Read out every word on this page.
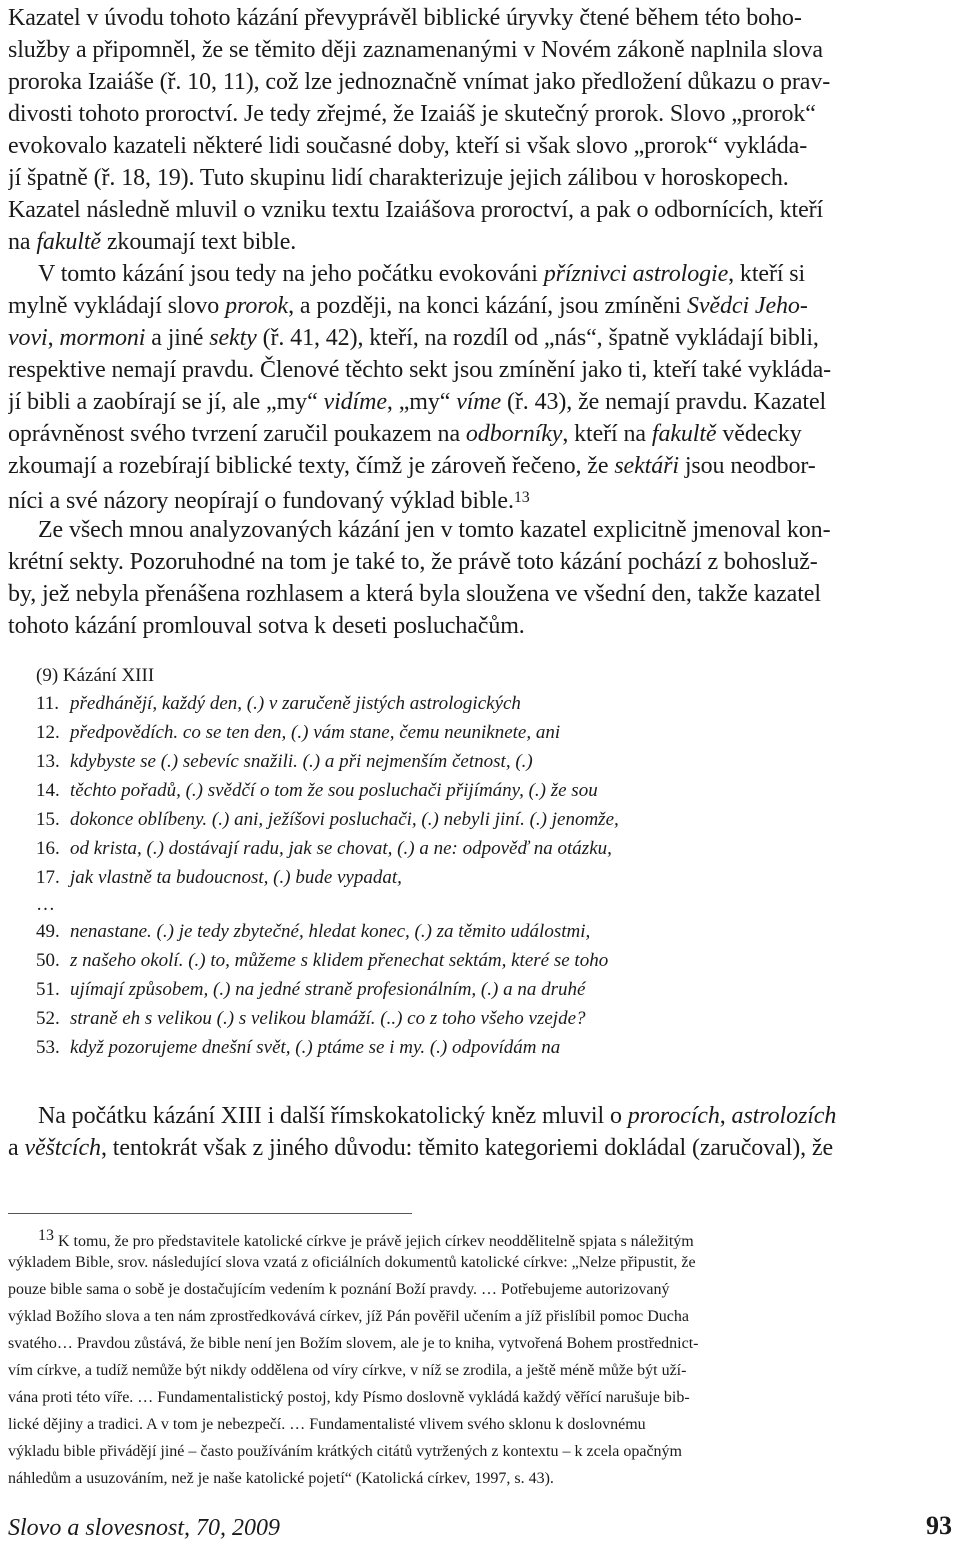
Kazatel v úvodu tohoto kázání převyprávěl biblické úryvky čtené během této boho-

služby a připomněl, že se těmito ději zaznamenanými v Novém zákoně naplnila slova

proroka Izaiáše (ř. 10, 11), což lze jednoznačně vnímat jako předložení důkazu o prav-

divosti tohoto proroctví. Je tedy zřejmé, že Izaiáš je skutečný prorok. Slovo „prorok“

evokovalo kazateli některé lidi současné doby, kteří si však slovo „prorok“ vykláda-

jí špatně (ř. 18, 19). Tuto skupinu lidí charakterizuje jejich zálibou v horoskopech.

Kazatel následně mluvil o vzniku textu Izaiášova proroctví, a pak o odbornících, kteří

na fakultě zkoumají text bible.

V tomto kázání jsou tedy na jeho počátku evokováni příznivci astrologie, kteří si

mylně vykládají slovo prorok, a později, na konci kázání, jsou zmíněni Svědci Jeho-

vovi, mormoni a jiné sekty (ř. 41, 42), kteří, na rozdíl od „nás“, špatně vykládají bibli,

respektive nemají pravdu. Členové těchto sekt jsou zmínění jako ti, kteří také vykláda-

jí bibli a zaobírají se jí, ale „my“ vidíme, „my“ víme (ř. 43), že nemají pravdu. Kazatel

oprávněnost svého tvrzení zaručil poukazem na odborníky, kteří na fakultě vědecky

zkoumají a rozebírají biblické texty, čímž je zároveň řečeno, že sektáři jsou neodbor-

níci a své názory neopírají o fundovaný výklad bible.$^{13}$

Ze všech mnou analyzovaných kázání jen v tomto kazatel explicitně jmenoval kon-

krétní sekty. Pozoruhodné na tom je také to, že právě toto kázání pochází z bohosluž-

by, jež nebyla přenášena rozhlasem a která byla sloužena ve všední den, takže kazatel

tohoto kázání promlouval sotva k deseti posluchačům.

(9) Kázání XIII

11. předhánějí, každý den, (.) v zaručeně jistých astrologických

12. předpovědích. co se ten den, (.) vám stane, čemu neuniknete, ani

13. kdybyste se (.) sebevíc snažili. (.) a při nejmenším četnost, (.)

14. těchto pořadů, (.) svědčí o tom že sou posluchači přijímány, (.) že sou

15. dokonce oblíbeny. (.) ani, ježíšovi posluchači, (.) nebyli jiní. (.) jenomže,

16. od krista, (.) dostávají radu, jak se chovat, (.) a ne: odpověď na otázku,

17. jak vlastně ta budoucnost, (.) bude vypadat,

…

49. nenastane. (.) je tedy zbytečné, hledat konec, (.) za těmito událostmi,

50. z našeho okolí. (.) to, můžeme s klidem přenechat sektám, které se toho

51. ujímají způsobem, (.) na jedné straně profesionálním, (.) a na druhé

52. straně eh s velikou (.) s velikou blamáží. (..) co z toho všeho vzejde?

53. když pozorujeme dnešní svět, (.) ptáme se i my. (.) odpovídám na

Na počátku kázání XIII i další římskokatolický kněz mluvil o prorocích, astrolozích

a věštcích, tentokrát však z jiného důvodu: těmito kategoriemi dokládal (zaručoval), že

$^{13}$ K tomu, že pro představitele katolické církve je právě jejich církev neoddělitelně spjata s náležitým

výkladem Bible, srov. následující slova vzatá z oficiálních dokumentů katolické církve: „Nelze připustit, že

pouze bible sama o sobě je dostačujícím vedením k poznání Boží pravdy. … Potřebujeme autorizovaný

výklad Božího slova a ten nám zprostředkovává církev, jíž Pán pověřil učením a jíž přislíbil pomoc Ducha

svatého… Pravdou zůstává, že bible není jen Božím slovem, ale je to kniha, vytvořená Bohem prostřednict-

vím církve, a tudíž nemůže být nikdy oddělena od víry církve, v níž se zrodila, a ještě méně může být uží-

vána proti této víře. … Fundamentalistický postoj, kdy Písmo doslovně vykládá každý věřící narušuje bib-

lické dějiny a tradici. A v tom je nebezpečí. … Fundamentalisté vlivem svého sklonu k doslovnému

výkladu bible přivádějí jiné – často používáním krátkých citátů vytržených z kontextu – k zcela opačným

náhledům a usuzováním, než je naše katolické pojetí“ (Katolická církev, 1997, s. 43).

Slovo a slovesnost, 70, 2009	93
